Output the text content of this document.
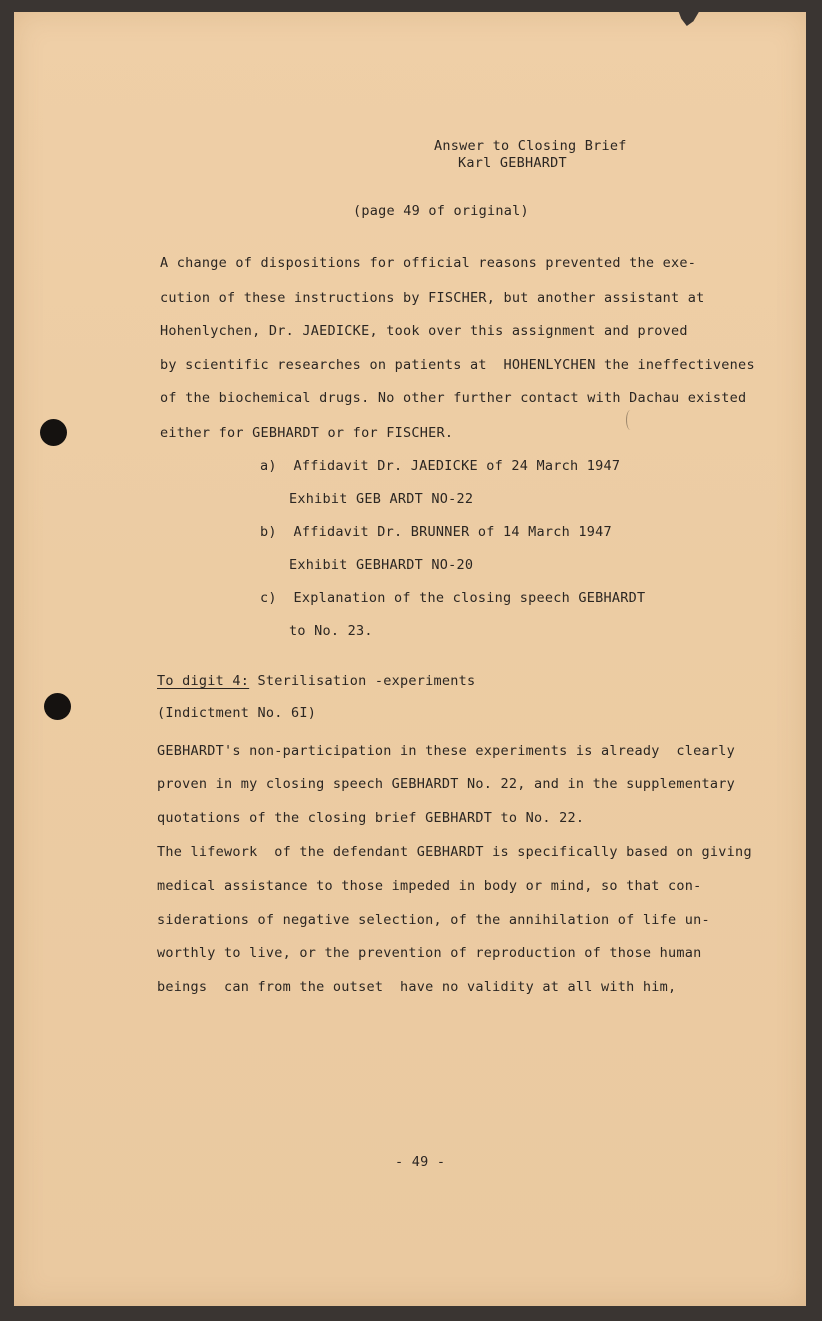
Answer to Closing Brief

Karl GEBHARDT

(page 49 of original)

A change of dispositions for official reasons prevented the exe-

cution of these instructions by FISCHER, but another assistant at

Hohenlychen, Dr. JAEDICKE, took over this assignment and proved

by scientific researches on patients at  HOHENLYCHEN the ineffectivenes

of the biochemical drugs. No other further contact with Dachau existed

either for GEBHARDT or for FISCHER.

a)  Affidavit Dr. JAEDICKE of 24 March 1947

Exhibit GEB ARDT NO-22

b)  Affidavit Dr. BRUNNER of 14 March 1947

Exhibit GEBHARDT NO-20

c)  Explanation of the closing speech GEBHARDT

to No. 23.

To digit 4: Sterilisation -experiments

(Indictment No. 6I)

GEBHARDT's non-participation in these experiments is already  clearly

proven in my closing speech GEBHARDT No. 22, and in the supplementary

quotations of the closing brief GEBHARDT to No. 22.

The lifework  of the defendant GEBHARDT is specifically based on giving

medical assistance to those impeded in body or mind, so that con-

siderations of negative selection, of the annihilation of life un-

worthly to live, or the prevention of reproduction of those human

beings  can from the outset  have no validity at all with him,

- 49 -
